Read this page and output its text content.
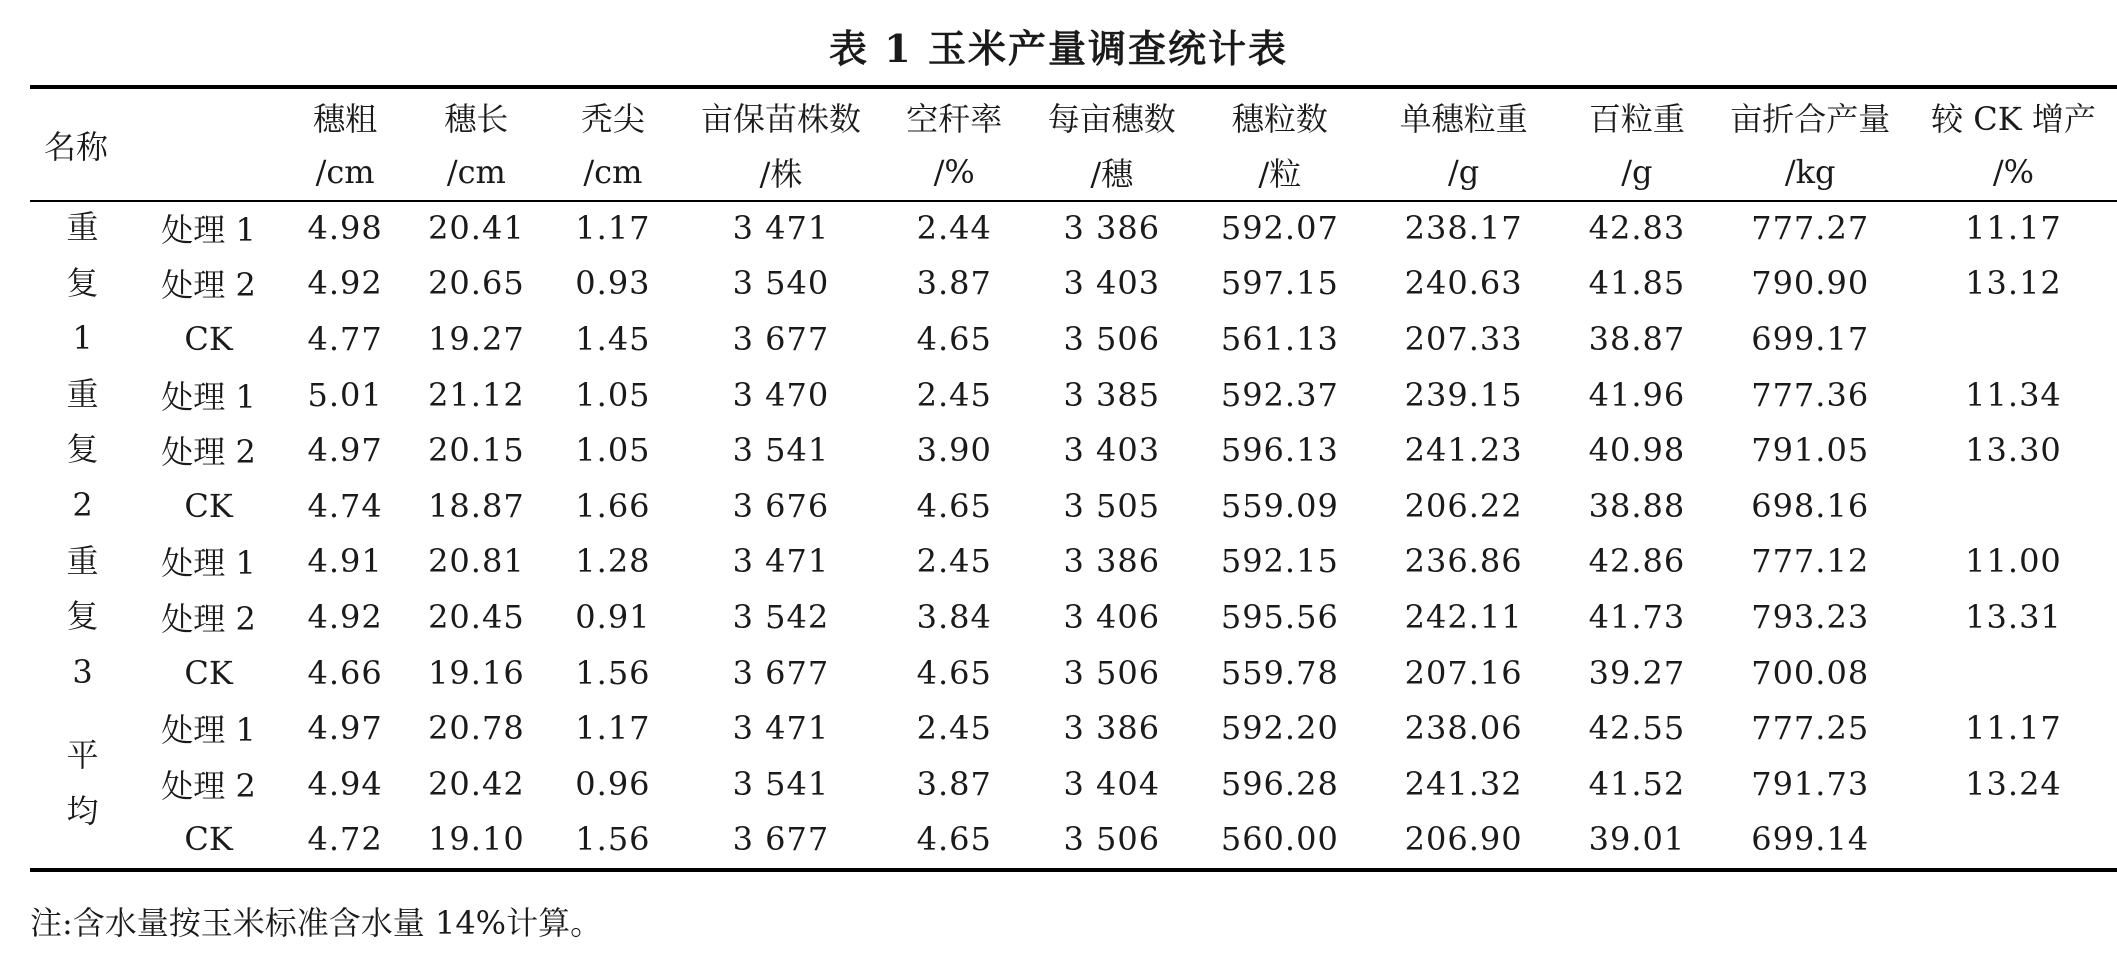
表 1 玉米产量调查统计表
名称		穗粗	穗长	秃尖	亩保苗株数	空秆率	每亩穗数	穗粒数	单穗粒重	百粒重	亩折合产量	较 CK 增产
		/cm	/cm	/cm	/株	/%	/穗	/粒	/g	/g	/kg	/%

重
复
1	处理 1	4.98	20.41	1.17	3 471	2.44	3 386	592.07	238.17	42.83	777.27	11.17
	处理 2	4.92	20.65	0.93	3 540	3.87	3 403	597.15	240.63	41.85	790.90	13.12
	CK	4.77	19.27	1.45	3 677	4.65	3 506	561.13	207.33	38.87	699.17	

重
复
2	处理 1	5.01	21.12	1.05	3 470	2.45	3 385	592.37	239.15	41.96	777.36	11.34
	处理 2	4.97	20.15	1.05	3 541	3.90	3 403	596.13	241.23	40.98	791.05	13.30
	CK	4.74	18.87	1.66	3 676	4.65	3 505	559.09	206.22	38.88	698.16	

重
复
3	处理 1	4.91	20.81	1.28	3 471	2.45	3 386	592.15	236.86	42.86	777.12	11.00
	处理 2	4.92	20.45	0.91	3 542	3.84	3 406	595.56	242.11	41.73	793.23	13.31
	CK	4.66	19.16	1.56	3 677	4.65	3 506	559.78	207.16	39.27	700.08	

平
均	处理 1	4.97	20.78	1.17	3 471	2.45	3 386	592.20	238.06	42.55	777.25	11.17
	处理 2	4.94	20.42	0.96	3 541	3.87	3 404	596.28	241.32	41.52	791.73	13.24
	CK	4.72	19.10	1.56	3 677	4.65	3 506	560.00	206.90	39.01	699.14	
注:含水量按玉米标准含水量 14%计算。
